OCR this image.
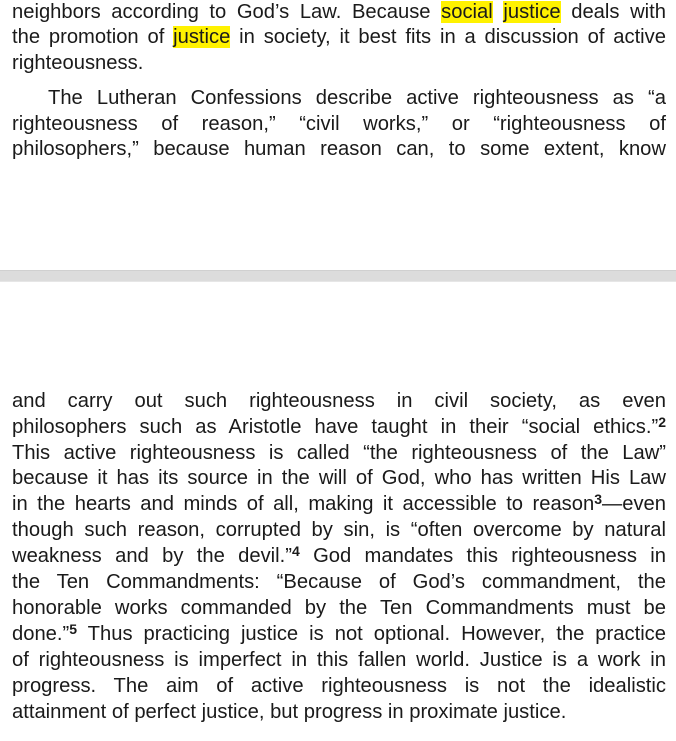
neighbors according to God’s Law. Because social justice deals with

the promotion of justice in society, it best fits in a discussion of active

righteousness.

The Lutheran Confessions describe active righteousness as “a

righteousness of reason,” “civil works,” or “righteousness of

philosophers,” because human reason can, to some extent, know

and carry out such righteousness in civil society, as even

philosophers such as Aristotle have taught in their “social ethics.”$^2$

This active righteousness is called “the righteousness of the Law”

because it has its source in the will of God, who has written His Law

in the hearts and minds of all, making it accessible to reason$^3$—even

though such reason, corrupted by sin, is “often overcome by natural

weakness and by the devil.”$^4$ God mandates this righteousness in

the Ten Commandments: “Because of God’s commandment, the

honorable works commanded by the Ten Commandments must be

done.”$^5$ Thus practicing justice is not optional. However, the practice

of righteousness is imperfect in this fallen world. Justice is a work in

progress. The aim of active righteousness is not the idealistic

attainment of perfect justice, but progress in proximate justice.
